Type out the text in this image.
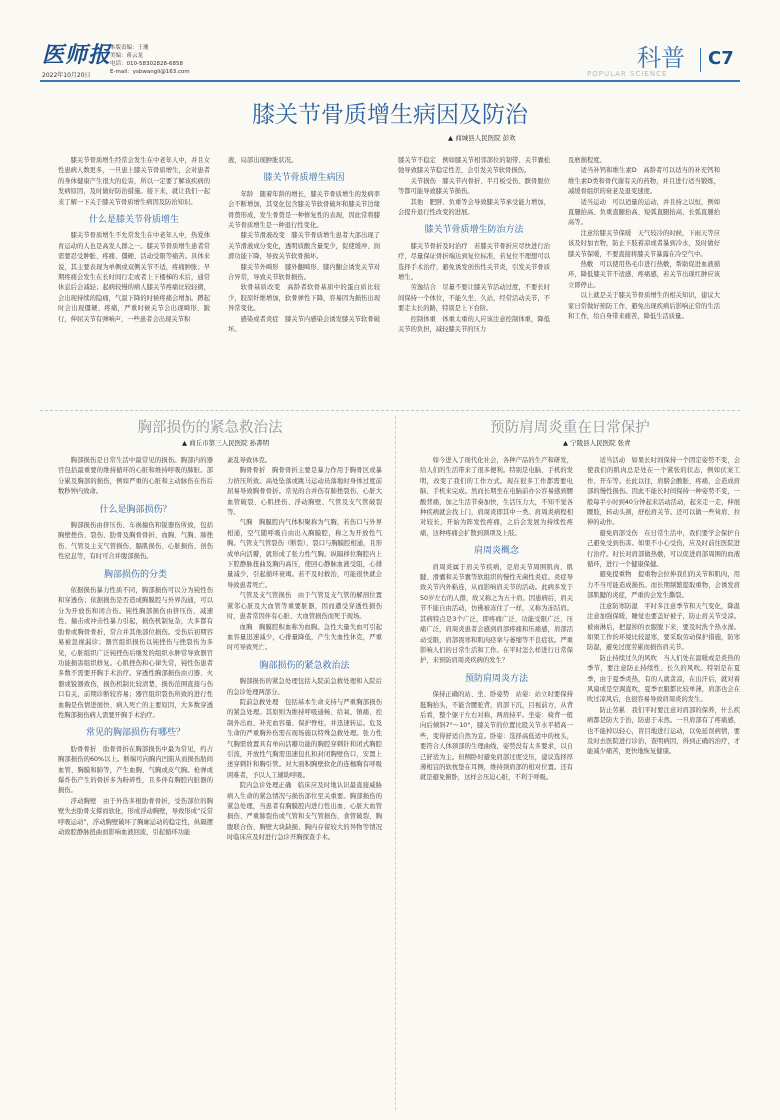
医师报
本版责编：王珊
美编：蒋云龙
电话：010-58302828-6858
E-mail：ysbwangli@163.com
2022年10月20日
科普
POPULAR SCIENCE
C7
膝关节骨质增生病因及防治
▲ 商城县人民医院 彭欢

膝关节骨质增生经常会发生在中老年人中，并且女性患病人数更多，一旦患上膝关节骨质增生，会对患者的身体健康产生很大的危害，所以一定要了解该疾病的发病原因，及时做好防治措施。接下来，就让我们一起来了解一下关于膝关节骨质增生病因及防治知识。

什么是膝关节骨质增生

膝关节骨质增生不允常发生在中老年人中，热爱体育运动的人也是高发人群之一。膝关节骨质增生患者常需要忍受肿胀、疼痛、僵硬、活动受限等痛苦。具体来说，其主要表现为单侧或双侧关节不适，疼痛肿胀；早期疼痛会发生在长时间行走或者上下楼梯的术后，通常休息后会减轻；起病较慢的病人膝关节疼痛比较轻微，会出现持续的隐痛，气温下降的时候疼痛会增加。蹲起时会出现僵硬、疼痛，严重时候关节会出现畸形、跛行，伸屈关节有弹响声，一些患者会出现关节积

液，局部出现肿胀状况。

膝关节骨质增生病因

年龄　随着年龄的增长，膝关节骨质增生的发病率会不断增加，其变化包含膝关节软骨破坏和膝关节边缘骨赘形成，发生骨赘是一种修复性的表现，因此常将膝关节骨质增生是一种退行性变化。

膝关节滑液改变　膝关节骨质增生患者大部出现了关节滑液成分变化，透明质酸含量变少，促使缓冲、润滑功能下降，导致关节软骨损坏。

膝关节外畸形　膝外翻畸形、膝内翻会诱发关节对合异常，导致关节软骨损伤。

软骨基质改变　高龄者软骨基质中的蛋白质比较少，胶原纤维增加，软骨弹性下降，容易因为损伤出现异常变化。

感染或者炎症　膝关节内感染会诱发膝关节软骨破坏。

膝关节不稳定　例如膝关节相邻部位的韧带、关节囊松弛导致膝关节稳定性差，会引发关节软骨损伤。

关节损伤　膝关节内骨折、半月板受伤、髌骨脱位等都可能导致膝关节损伤。

其他　肥胖、负重等会导致膝关节承受能力增加，会提升退行性改变的进展。

膝关节骨质增生防治方法

膝关节骨折及时治疗　若膝关节骨折应尽快进行治疗，尽量保证骨折端达到复位标准，若复位不理想可以选择手术治疗，避免诱发创伤性关节炎，引发关节骨质增生。

劳逸结合　尽量不要让膝关节活动过度，不要长时间保持一个体位，不能久坐、久站，经常活动关节，不要走太长的路，特别是上下台阶。

控制体重　体重太重的人应该注意控制体重，降低关节的负担，减轻膝关节的压力

及磨损程度。

适当补钙和维生素D　高龄者可以适当的补充钙和维生素D类和骨代谢有关的药物，并且进行适当锻炼，减缓骨组织的衰老及退变速度。

适当运动　可以适量的运动，并且持之以恒，例如直腿抬高、负重直腿抬高、短弧直腿抬高、长弧直腿抬高等。

注意给膝关节保暖　天气较冷的时候，下雨天等应该及时加衣物，防止下肢着凉或者暴到冷水，及时做好膝关节保暖，不要直接将膝关节暴露在冷空气中。

热敷　可以使用热毛巾进行热敷，帮助促进血液循环，降低膝关节不适感、疼痛感，若关节出现红肿应该立即停止。

以上就是关于膝关节骨质增生的相关知识，建议大家日常做好预防工作，避免出现疾病后影响正常的生活和工作，给自身带来痛苦，降低生活质量。

胸部损伤的紧急救治法
▲ 商丘市第三人民医院 孙書明

胸部损伤是日常生活中最常见的损伤。胸部内的器官包括最重要的维持循环的心脏和维持呼吸的肺脏。部分累及胸部的损伤，例如严重的心脏和主动脉伤在伤后数秒钟内致命。

什么是胸部损伤？

胸部损伤由挤压伤、车祸撞伤和锐器伤所致，包括胸壁挫伤、裂伤、肋骨及胸骨骨折、血胸、气胸、肺挫伤、气管及主支气管损伤、膈肌损伤、心脏损伤、创伤性窒息等，有时可合并腹部损伤。

胸部损伤的分类

依据损伤暴力性质不同，胸部损伤可以分为钝性伤和穿透伤；依据损伤是否造成胸膜腔与外界沟通，可以分为开放伤和闭合伤。钝性胸部损伤由挤压伤、减速性、撞击或冲击性暴力引起，损伤机制复杂，大多都有肋骨或胸骨骨折，常合并其他部位损伤。受伤后初期容易被忽视漏诊；器官组织损伤以钝挫伤与挫裂伤为多见，心脏组织广泛钝挫伤后继发的组织水肿常导致器官功能损害组织修复。心肌挫伤和心律失常，钝性伤患者多数不需要开胸手术治疗。穿透性胸部损伤由刃器、火器或锐器致伤，损伤机制比较清楚，损伤范围直接与伤口有关，前期诊断较容易；器官组织裂伤所致的进行性血胸是伤情进展快、病人死亡的主要原因，大多数穿透性胸部损伤病人需要开胸手术治疗。

常见的胸部损伤有哪些？

肋骨骨折　肋骨骨折在胸部损伤中最为常见，约占胸部损伤的60%以上。断端可向胸内凹陷从而损伤肋间血管、胸膜和肺等，产生血胸、气胸或皮气胸。枪弹或爆炸伤产生的骨折多为粉碎性，且多伴有胸腔内脏器的损伤。

浮动胸壁　由于外伤多根肋骨骨折，受伤部位的胸壁失去肋骨支撑而软化，形成浮动胸壁，导致形成“反常呼吸运动”，浮动胸壁破坏了胸廓运动的稳定性，纵隔摆动致腔静脉扭曲而影响血液回流，引起循环功能

紊乱导致休克。

胸骨骨折　胸骨骨折主要是暴力作用于胸骨区或暴力挤压所致。高处坠落或跳马运动员落地时身体过度前屈易导致胸骨骨折。常见的合并伤有肺挫裂伤、心脏大血管破裂、心肌挫伤、浮动胸壁、气管及支气管破裂等。

气胸　胸膜腔内气体积聚称为气胸，若伤口与外界相通，空气随呼吸自由出入胸膜腔，称之为开放性气胸。气管支气管裂伤（断裂），裂口与胸膜腔相通，且形成单向活瓣，就形成了张力性气胸。纵隔移位胸腔内上下腔静脉扭曲及胸内高压，使回心静脉血液受阻，心排量减少，引起循环衰竭。若不及时救治，可能很快就会导致患者死亡。

气管及支气管损伤　由于气管及支气管的解剖位置紧邻心脏及大血管等重要脏器，因而遭受穿透性损伤时，患者常因伴有心脏、大血管损伤而死于现场。

血胸　胸膜腔积血称为血胸。急性大量失血可引起血容量迅速减少，心排量降低，产生失血性休克，严重时可导致死亡。

胸部损伤的紧急救治法

胸部损伤的紧急处理包括入院前急救处理和入院后的急诊处理两部分。

院前急救处理　包括基本生命支持与严重胸部损伤的紧急处理。其原则为维持呼吸通畅、给氧、镇痛、控制外出血、补充血容量、保护脊柱，并迅速转运。危及生命的严重胸外伤需在现场施以特殊急救处理。张力性气胸需放置具有单向活瓣功能的胸腔穿刺针和闭式胸腔引流，开放性气胸需迅速包扎和封闭胸壁伤口，安置上述穿刺针和胸引管。对大面积胸壁软化的连枷胸有呼吸困难者，予以人工辅助呼吸。

院内急诊处理正确　临床应及时地认识最直接威胁病人生命的紧急情况与损伤部位至关重要。胸部损伤的紧急处理，当患者有胸膜腔内进行性出血、心脏大血管损伤、严重肺裂伤或气管和支气管损伤、食管破裂、胸腹联合伤、胸壁大块缺损、胸内存留较大的异物等情况时临床应及时进行急诊开胸探查手术。

预防肩周炎重在日常保护
▲ 宁陵县人民医院 张青

如今进入了现代化社会，各种产品的生产和研发，给人们的生活带来了很多便利。特别是电脑、手机的发明，改变了我们的工作方式。现在很多工作都需要电脑、手机来完成。然而长期坐在电脑前办公容易感到腰酸背痛，加之生活节奏加快，生活压力大，不知不觉各种疾病就会找上门，肩周炎即其中一类。肩周炎病程相对较长，开始为阵发性疼痛，之后会发展为持续性疼痛，这种疼痛会扩散到颈项及上肢。

肩周炎概念

肩周炎属于肩关节疾病，是肩关节周围肌肉、肌腱、滑囊和关节囊等软组织的慢性无菌性炎症。炎症导致关节内外粘连，从而影响肩关节的活动。此病多发于50岁左右的人群，故又称之为五十肩。因患病后，肩关节不能自由活动，仿佛被冻住了一样，又称为冻结肩。其病特点是3个广泛，即疼痛广泛、功能受限广泛、压痛广泛，肩周炎患者会感到肩部疼痛和压痛感，肩部活动受限，肩部畏寒和肌肉痉挛与萎缩等不良症状。严重影响人们的日常生活和工作。在平时怎么样进行日常保护，来预防肩周炎疾病的发生？

预防肩周炎方法

保持正确的站、坐、卧姿势　站姿：站立时要保持挺胸抬头，不能含腰驼背，肩部下沉，目视前方，从背后看，整个躯干左右对称，两肩持平。坐姿：椅背一般向后倾斜7°～10°，膝关节的位置比股关节水平稍高一些，变得舒适自然为宜。卧姿：选择高低适中的枕头，要符合人体颈部的生理曲线，姿势没有太多要求，以自己舒适为主。但侧卧时避免肩部过度受压，建议选择厚薄相宜的软枕垫在耳侧，维持颈肩部的相对位置。还有就是避免俯卧，这样会压迫心脏，不利于呼吸。

适当活动　如果长时间保持一个固定姿势不变，会使我们的肌肉总是处在一个紧张的状态，例如伏案工作、开车等。长此以往，肩膀会酸胀、疼痛，会造成肩部的慢性损伤。因此不能长时间保持一种姿势不变，一般每半小时到40分钟起来活动活动，起来走一走，伸展腰肢，转动头颈，舒松肩关节。还可以做一些耸肩、拉伸的动作。

避免肩部受伤　在日常生活中，我们要学会保护自己避免受到伤害。如果不小心受伤，应及时前往医院进行治疗。时长对肩部做热敷，可以促进肩部周围的血液循环，进行一个健康保健。

避免提重物　提重物会拉伸我们的关节和肌肉，用力不当可能造成损伤。而长期频繁提取重物，会诱发肩部肌腱的炎症，严重的会发生撕裂。

注意防寒防湿　平时多注意季节和天气变化，降温注意加强保暖，睡觉也要盖好被子，防止肩关节受凉。被雨淋后，把湿掉的衣服脱下来，要及时洗个热水澡。如果工作的环境比较湿寒，要采取劳动保护措施，防寒防湿，避免过度劳累而损伤肩关节。

防止持续过久的风吹　当人们处在温暖或是炎热的季节，要注意防止持续性、长久的风吹。特别是在夏季，由于夏季炎热，有的人就贪凉，在出汗后，就对着风扇或是空调直吹，夏季衣服都比较单薄，肩部也会在吹过凉风后，也很容易导致肩周炎的发生。

防止劳累　我们平时要注意对肩部的保养，什么疾病都是防大于治，防患于未然。一旦肩部有了疼痛感，也不能掉以轻心，盲目地进行运动，以免延误病情，要及时去医院进行诊治，查明病因，得到正确的治疗，才能减少痛苦，更快地恢复健康。
